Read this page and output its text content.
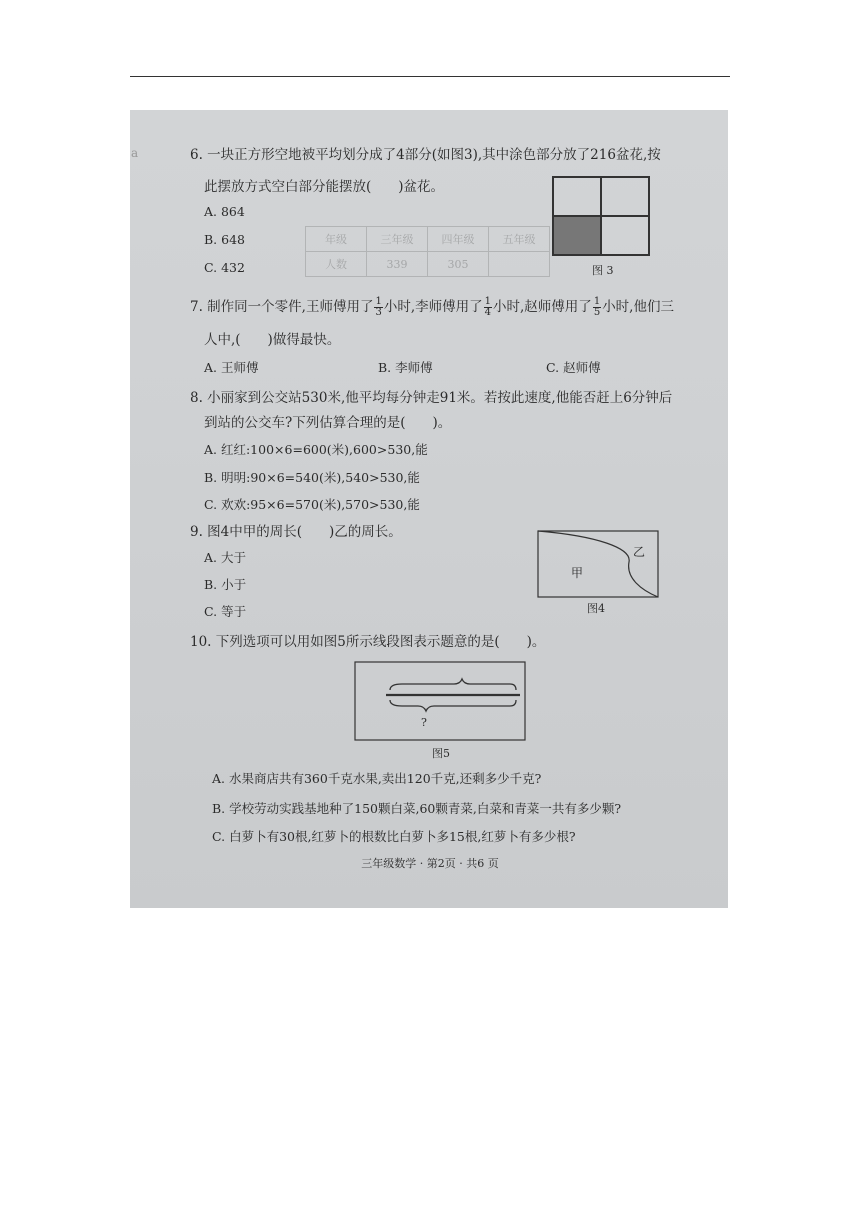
a
年级	三年级	四年级	五年级
人数	339	305	
6. 一块正方形空地被平均划分成了4部分(如图3),其中涂色部分放了216盆花,按
此摆放方式空白部分能摆放(　　)盆花。
A. 864
B. 648
C. 432	图 3
7. 制作同一个零件,王师傅用了 $\frac{1}{3}$ 小时,李师傅用了 $\frac{1}{4}$ 小时,赵师傅用了 $\frac{1}{5}$ 小时,他们三
人中,(　　)做得最快。
A. 王师傅	B. 李师傅	C. 赵师傅
8. 小丽家到公交站530米,他平均每分钟走91米。若按此速度,他能否赶上6分钟后
到站的公交车?下列估算合理的是(　　)。
A. 红红:100×6=600(米),600>530,能
B. 明明:90×6=540(米),540>530,能
C. 欢欢:95×6=570(米),570>530,能
9. 图4中甲的周长(　　)乙的周长。
A. 大于
B. 小于
C. 等于
甲
乙
图4
10. 下列选项可以用如图5所示线段图表示题意的是(　　)。
?
图5
A. 水果商店共有360千克水果,卖出120千克,还剩多少千克?
B. 学校劳动实践基地种了150颗白菜,60颗青菜,白菜和青菜一共有多少颗?
C. 白萝卜有30根,红萝卜的根数比白萝卜多15根,红萝卜有多少根?
三年级数学 · 第2页 · 共6 页
